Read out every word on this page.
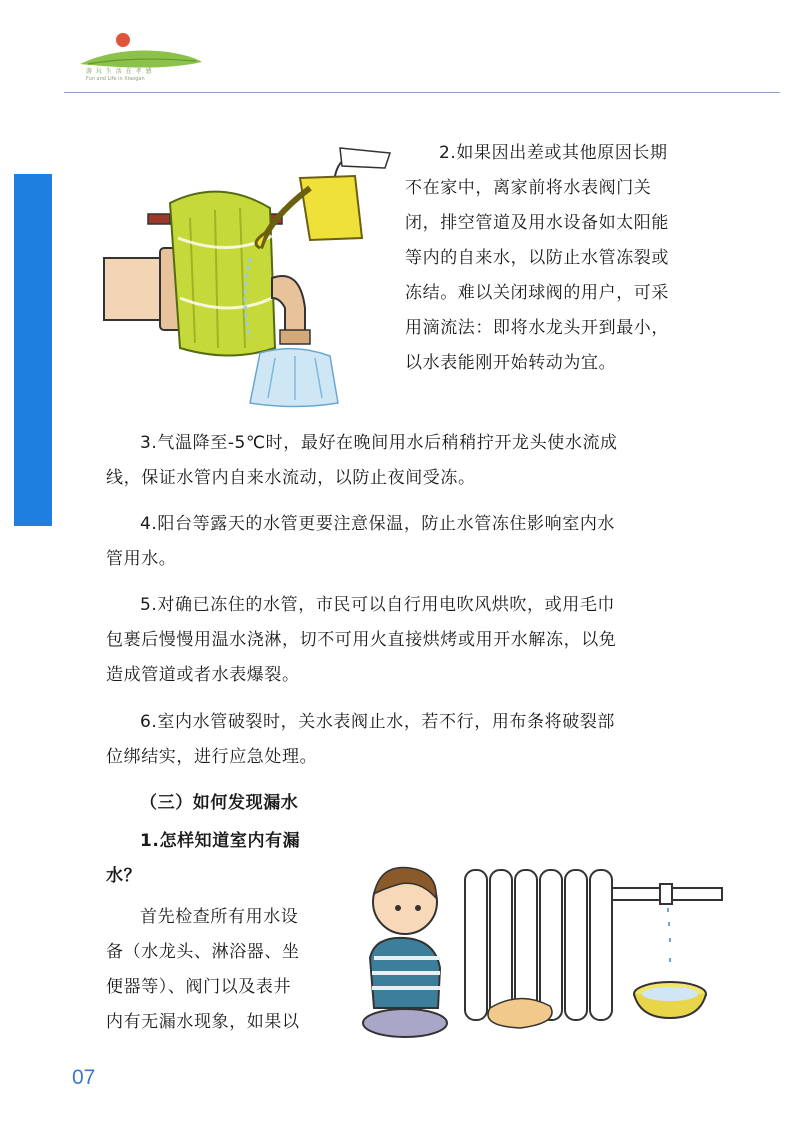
游 玩 生 活 在 孝 感
Fun and Life in Xiaogan

2.如果因出差或其他原因长期

不在家中，离家前将水表阀门关

闭，排空管道及用水设备如太阳能

等内的自来水，以防止水管冻裂或

冻结。难以关闭球阀的用户，可采

用滴流法：即将水龙头开到最小，

以水表能刚开始转动为宜。

3.气温降至-5℃时，最好在晚间用水后稍稍拧开龙头使水流成

线，保证水管内自来水流动，以防止夜间受冻。

4.阳台等露天的水管更要注意保温，防止水管冻住影响室内水

管用水。

5.对确已冻住的水管，市民可以自行用电吹风烘吹，或用毛巾

包裹后慢慢用温水浇淋，切不可用火直接烘烤或用开水解冻，以免

造成管道或者水表爆裂。

6.室内水管破裂时，关水表阀止水，若不行，用布条将破裂部

位绑结实，进行应急处理。

（三）如何发现漏水

1.怎样知道室内有漏

水？

首先检查所有用水设

备（水龙头、淋浴器、坐

便器等）、阀门以及表井

内有无漏水现象，如果以

07
